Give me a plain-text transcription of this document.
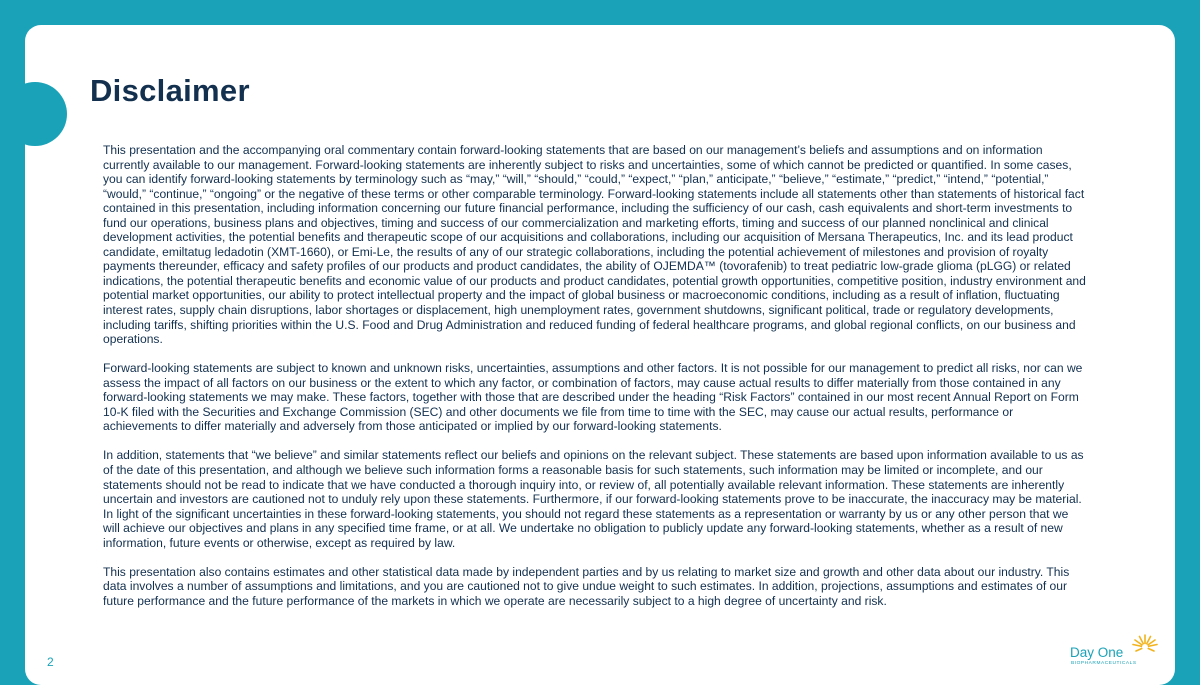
Disclaimer

This presentation and the accompanying oral commentary contain forward-looking statements that are based on our management’s beliefs and assumptions and on information currently available to our management. Forward-looking statements are inherently subject to risks and uncertainties, some of which cannot be predicted or quantified. In some cases, you can identify forward-looking statements by terminology such as “may,” “will,” “should,” “could,” “expect,” “plan,” anticipate,” “believe,” “estimate,” “predict,” “intend,” “potential,” “would,” “continue,” “ongoing” or the negative of these terms or other comparable terminology. Forward-looking statements include all statements other than statements of historical fact contained in this presentation, including information concerning our future financial performance, including the sufficiency of our cash, cash equivalents and short-term investments to fund our operations, business plans and objectives, timing and success of our commercialization and marketing efforts, timing and success of our planned nonclinical and clinical development activities, the potential benefits and therapeutic scope of our acquisitions and collaborations, including our acquisition of Mersana Therapeutics, Inc. and its lead product candidate, emiltatug ledadotin (XMT-1660), or Emi-Le, the results of any of our strategic collaborations, including the potential achievement of milestones and provision of royalty payments thereunder, efficacy and safety profiles of our products and product candidates, the ability of OJEMDA™ (tovorafenib) to treat pediatric low-grade glioma (pLGG) or related indications, the potential therapeutic benefits and economic value of our products and product candidates, potential growth opportunities, competitive position, industry environment and potential market opportunities, our ability to protect intellectual property and the impact of global business or macroeconomic conditions, including as a result of inflation, fluctuating interest rates, supply chain disruptions, labor shortages or displacement, high unemployment rates, government shutdowns, significant political, trade or regulatory developments, including tariffs, shifting priorities within the U.S. Food and Drug Administration and reduced funding of federal healthcare programs, and global regional conflicts, on our business and operations.

Forward-looking statements are subject to known and unknown risks, uncertainties, assumptions and other factors. It is not possible for our management to predict all risks, nor can we assess the impact of all factors on our business or the extent to which any factor, or combination of factors, may cause actual results to differ materially from those contained in any forward-looking statements we may make. These factors, together with those that are described under the heading “Risk Factors” contained in our most recent Annual Report on Form 10-K filed with the Securities and Exchange Commission (SEC) and other documents we file from time to time with the SEC, may cause our actual results, performance or achievements to differ materially and adversely from those anticipated or implied by our forward-looking statements.

In addition, statements that “we believe” and similar statements reflect our beliefs and opinions on the relevant subject. These statements are based upon information available to us as of the date of this presentation, and although we believe such information forms a reasonable basis for such statements, such information may be limited or incomplete, and our statements should not be read to indicate that we have conducted a thorough inquiry into, or review of, all potentially available relevant information. These statements are inherently uncertain and investors are cautioned not to unduly rely upon these statements. Furthermore, if our forward-looking statements prove to be inaccurate, the inaccuracy may be material. In light of the significant uncertainties in these forward-looking statements, you should not regard these statements as a representation or warranty by us or any other person that we will achieve our objectives and plans in any specified time frame, or at all. We undertake no obligation to publicly update any forward-looking statements, whether as a result of new information, future events or otherwise, except as required by law.

This presentation also contains estimates and other statistical data made by independent parties and by us relating to market size and growth and other data about our industry. This data involves a number of assumptions and limitations, and you are cautioned not to give undue weight to such estimates. In addition, projections, assumptions and estimates of our future performance and the future performance of the markets in which we operate are necessarily subject to a high degree of uncertainty and risk.

2
Day One
BIOPHARMACEUTICALS
